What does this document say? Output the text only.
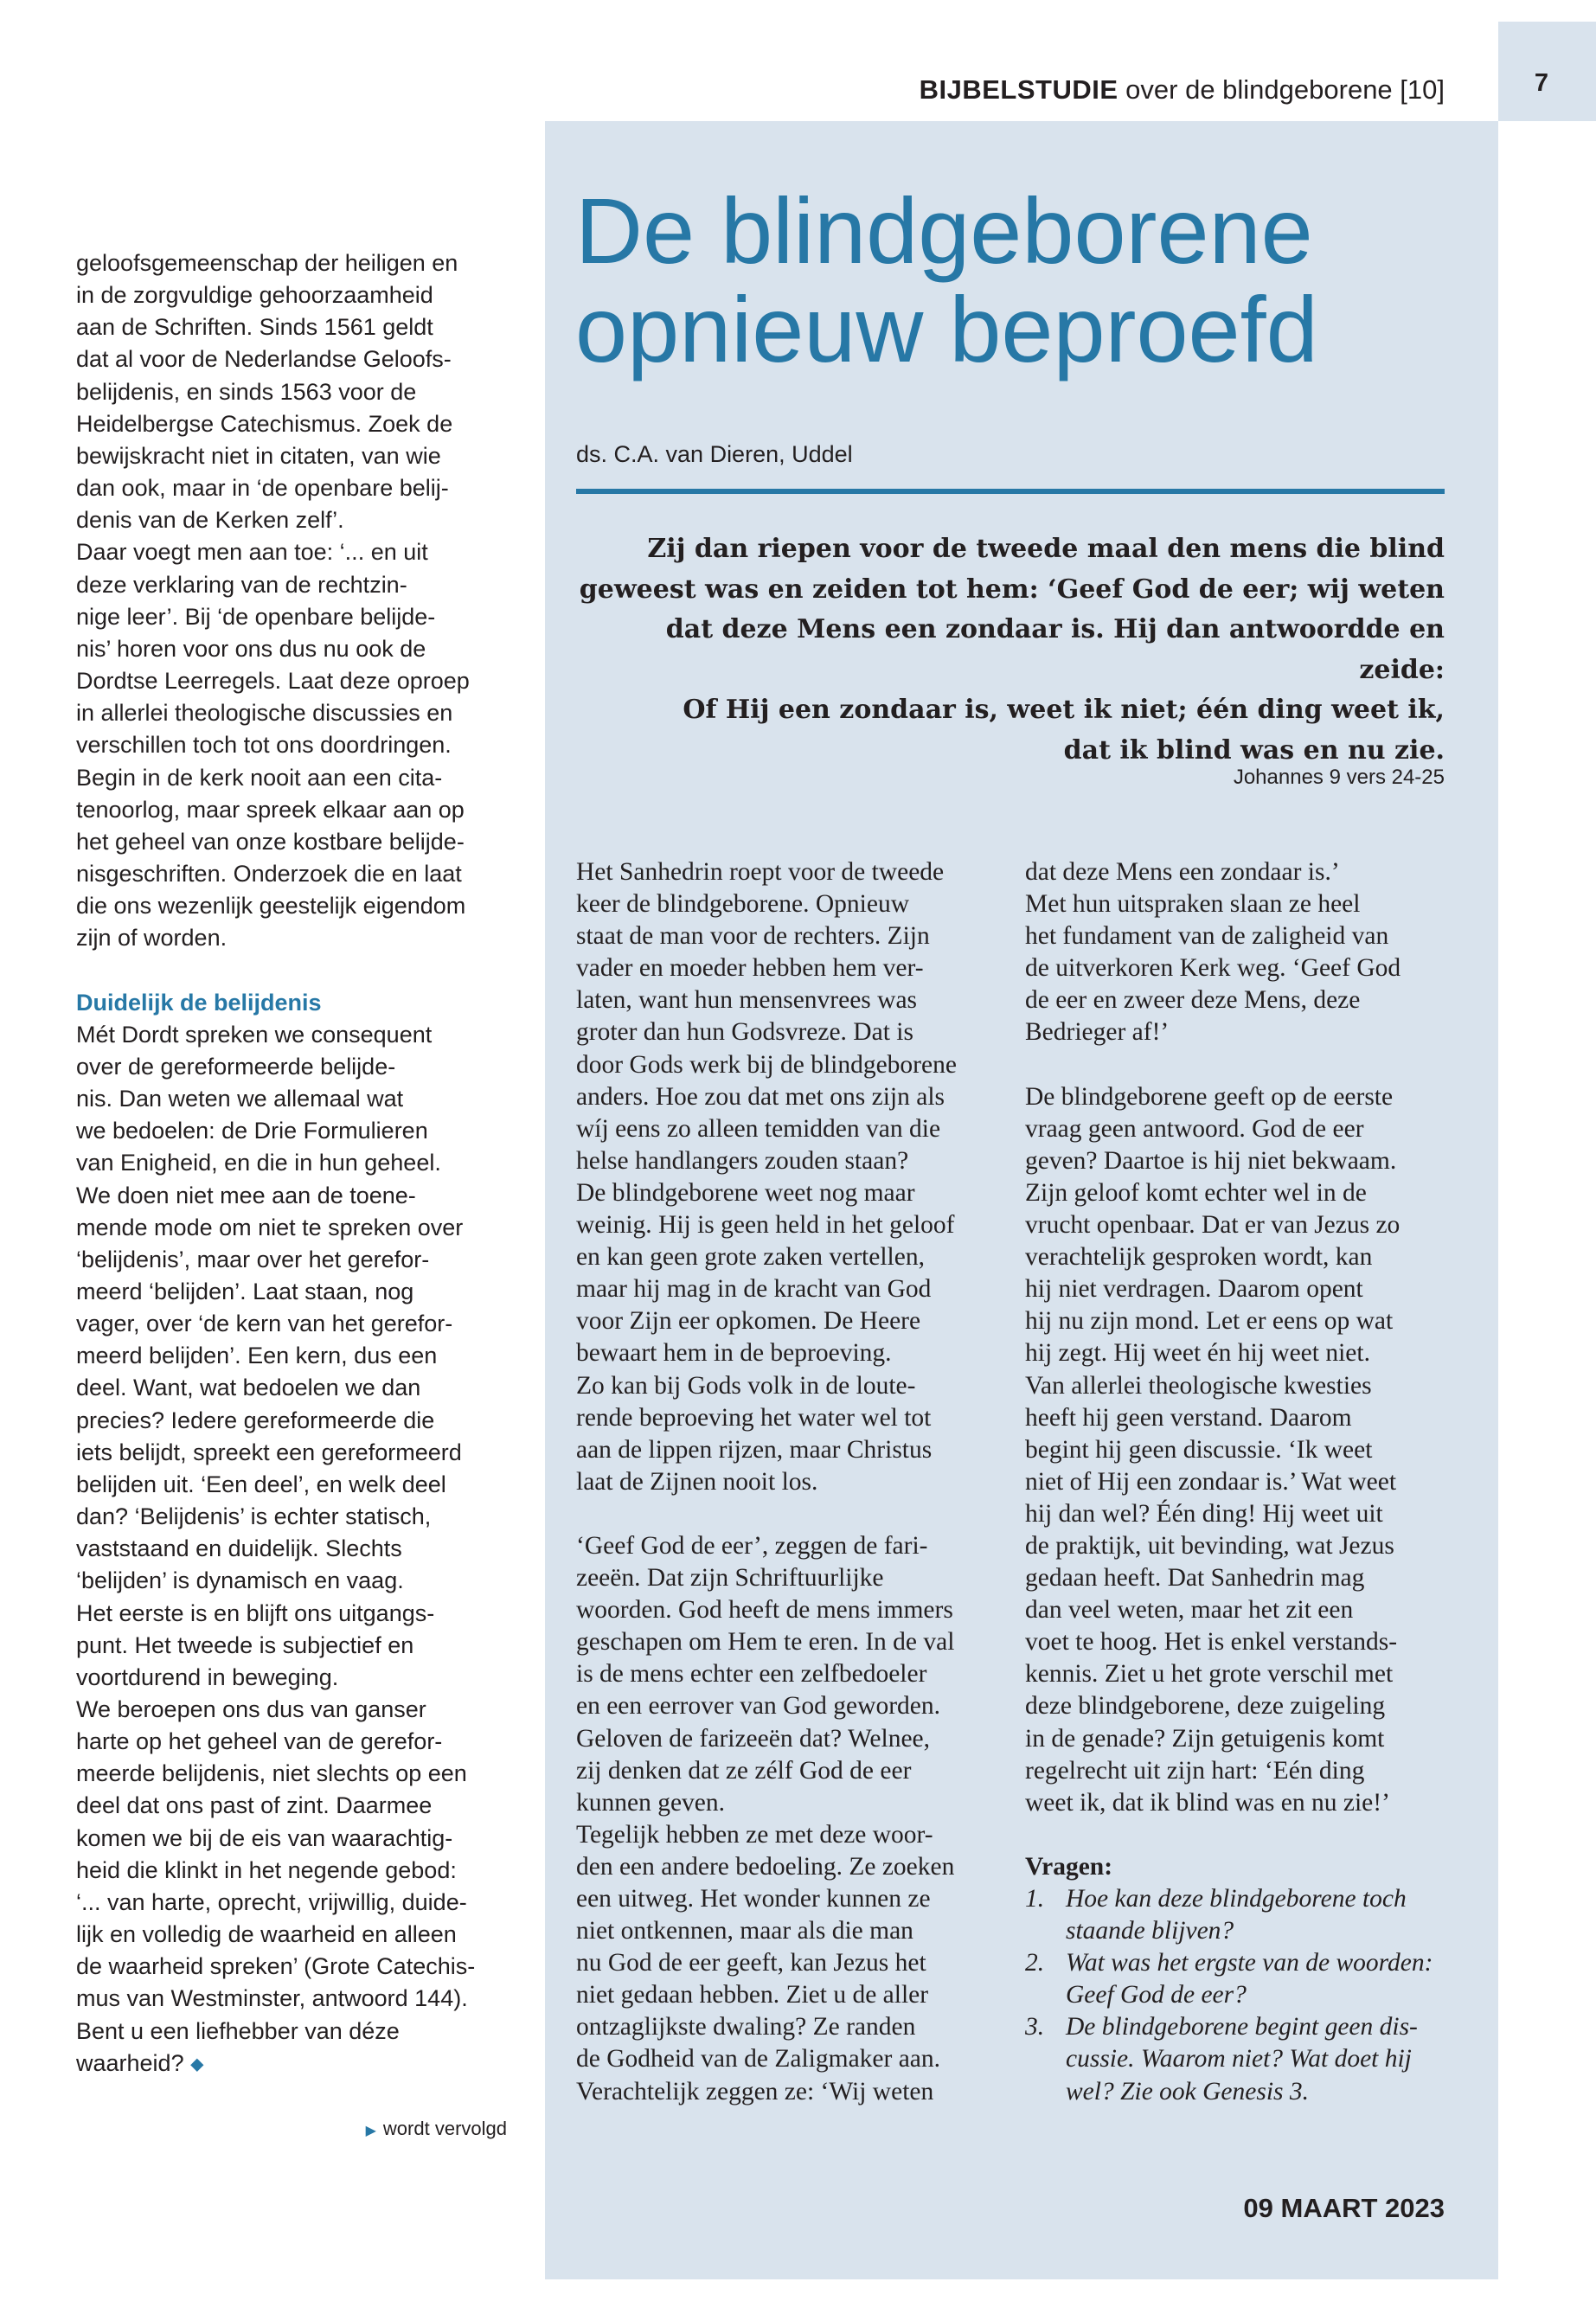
7
BIJBELSTUDIE over de blindgeborene [10]
De blindgeborene
opnieuw beproefd
ds. C.A. van Dieren, Uddel
Zij dan riepen voor de tweede maal den mens die blind
geweest was en zeiden tot hem: ‘Geef God de eer; wij weten
dat deze Mens een zondaar is. Hij dan antwoordde en zeide:
Of Hij een zondaar is, weet ik niet; één ding weet ik,
dat ik blind was en nu zie.
Johannes 9 vers 24-25
geloofsgemeenschap der heiligen en
in de zorgvuldige gehoorzaamheid
aan de Schriften. Sinds 1561 geldt
dat al voor de Nederlandse Geloofs-
belijdenis, en sinds 1563 voor de
Heidelbergse Catechismus. Zoek de
bewijskracht niet in citaten, van wie
dan ook, maar in ‘de openbare belij-
denis van de Kerken zelf’.
Daar voegt men aan toe: ‘... en uit
deze verklaring van de rechtzin-
nige leer’. Bij ‘de openbare belijde-
nis’ horen voor ons dus nu ook de
Dordtse Leerregels. Laat deze oproep
in allerlei theologische discussies en
verschillen toch tot ons doordringen.
Begin in de kerk nooit aan een cita-
tenoorlog, maar spreek elkaar aan op
het geheel van onze kostbare belijde-
nisgeschriften. Onderzoek die en laat
die ons wezenlijk geestelijk eigendom
zijn of worden.
Duidelijk de belijdenis
Mét Dordt spreken we consequent
over de gereformeerde belijde-
nis. Dan weten we allemaal wat
we bedoelen: de Drie Formulieren
van Enigheid, en die in hun geheel.
We doen niet mee aan de toene-
mende mode om niet te spreken over
‘belijdenis’, maar over het gerefor-
meerd ‘belijden’. Laat staan, nog
vager, over ‘de kern van het gerefor-
meerd belijden’. Een kern, dus een
deel. Want, wat bedoelen we dan
precies? Iedere gereformeerde die
iets belijdt, spreekt een gereformeerd
belijden uit. ‘Een deel’, en welk deel
dan? ‘Belijdenis’ is echter statisch,
vaststaand en duidelijk. Slechts
‘belijden’ is dynamisch en vaag.
Het eerste is en blijft ons uitgangs-
punt. Het tweede is subjectief en
voortdurend in beweging.
We beroepen ons dus van ganser
harte op het geheel van de gerefor-
meerde belijdenis, niet slechts op een
deel dat ons past of zint. Daarmee
komen we bij de eis van waarachtig-
heid die klinkt in het negende gebod:
‘... van harte, oprecht, vrijwillig, duide-
lijk en volledig de waarheid en alleen
de waarheid spreken’ (Grote Catechis-
mus van Westminster, antwoord 144).
Bent u een liefhebber van déze
waarheid? ◆
▶ wordt vervolgd
Het Sanhedrin roept voor de tweede
keer de blindgeborene. Opnieuw
staat de man voor de rechters. Zijn
vader en moeder hebben hem ver-
laten, want hun mensenvrees was
groter dan hun Godsvreze. Dat is
door Gods werk bij de blindgeborene
anders. Hoe zou dat met ons zijn als
wíj eens zo alleen temidden van die
helse handlangers zouden staan?
De blindgeborene weet nog maar
weinig. Hij is geen held in het geloof
en kan geen grote zaken vertellen,
maar hij mag in de kracht van God
voor Zijn eer opkomen. De Heere
bewaart hem in de beproeving.
Zo kan bij Gods volk in de loute-
rende beproeving het water wel tot
aan de lippen rijzen, maar Christus
laat de Zijnen nooit los.
‘Geef God de eer’, zeggen de fari-
zeeën. Dat zijn Schriftuurlijke
woorden. God heeft de mens immers
geschapen om Hem te eren. In de val
is de mens echter een zelfbedoeler
en een eerrover van God geworden.
Geloven de farizeeën dat? Welnee,
zij denken dat ze zélf God de eer
kunnen geven.
Tegelijk hebben ze met deze woor-
den een andere bedoeling. Ze zoeken
een uitweg. Het wonder kunnen ze
niet ontkennen, maar als die man
nu God de eer geeft, kan Jezus het
niet gedaan hebben. Ziet u de aller
ontzaglijkste dwaling? Ze randen
de Godheid van de Zaligmaker aan.
Verachtelijk zeggen ze: ‘Wij weten
dat deze Mens een zondaar is.’
Met hun uitspraken slaan ze heel
het fundament van de zaligheid van
de uitverkoren Kerk weg. ‘Geef God
de eer en zweer deze Mens, deze
Bedrieger af!’
De blindgeborene geeft op de eerste
vraag geen antwoord. God de eer
geven? Daartoe is hij niet bekwaam.
Zijn geloof komt echter wel in de
vrucht openbaar. Dat er van Jezus zo
verachtelijk gesproken wordt, kan
hij niet verdragen. Daarom opent
hij nu zijn mond. Let er eens op wat
hij zegt. Hij weet én hij weet niet.
Van allerlei theologische kwesties
heeft hij geen verstand. Daarom
begint hij geen discussie. ‘Ik weet
niet of Hij een zondaar is.’ Wat weet
hij dan wel? Één ding! Hij weet uit
de praktijk, uit bevinding, wat Jezus
gedaan heeft. Dat Sanhedrin mag
dan veel weten, maar het zit een
voet te hoog. Het is enkel verstands-
kennis. Ziet u het grote verschil met
deze blindgeborene, deze zuigeling
in de genade? Zijn getuigenis komt
regelrecht uit zijn hart: ‘Eén ding
weet ik, dat ik blind was en nu zie!’
Vragen:
1. Hoe kan deze blindgeborene toch
staande blijven?
2. Wat was het ergste van de woorden:
Geef God de eer?
3. De blindgeborene begint geen dis-
cussie. Waarom niet? Wat doet hij
wel? Zie ook Genesis 3.
09 MAART 2023
